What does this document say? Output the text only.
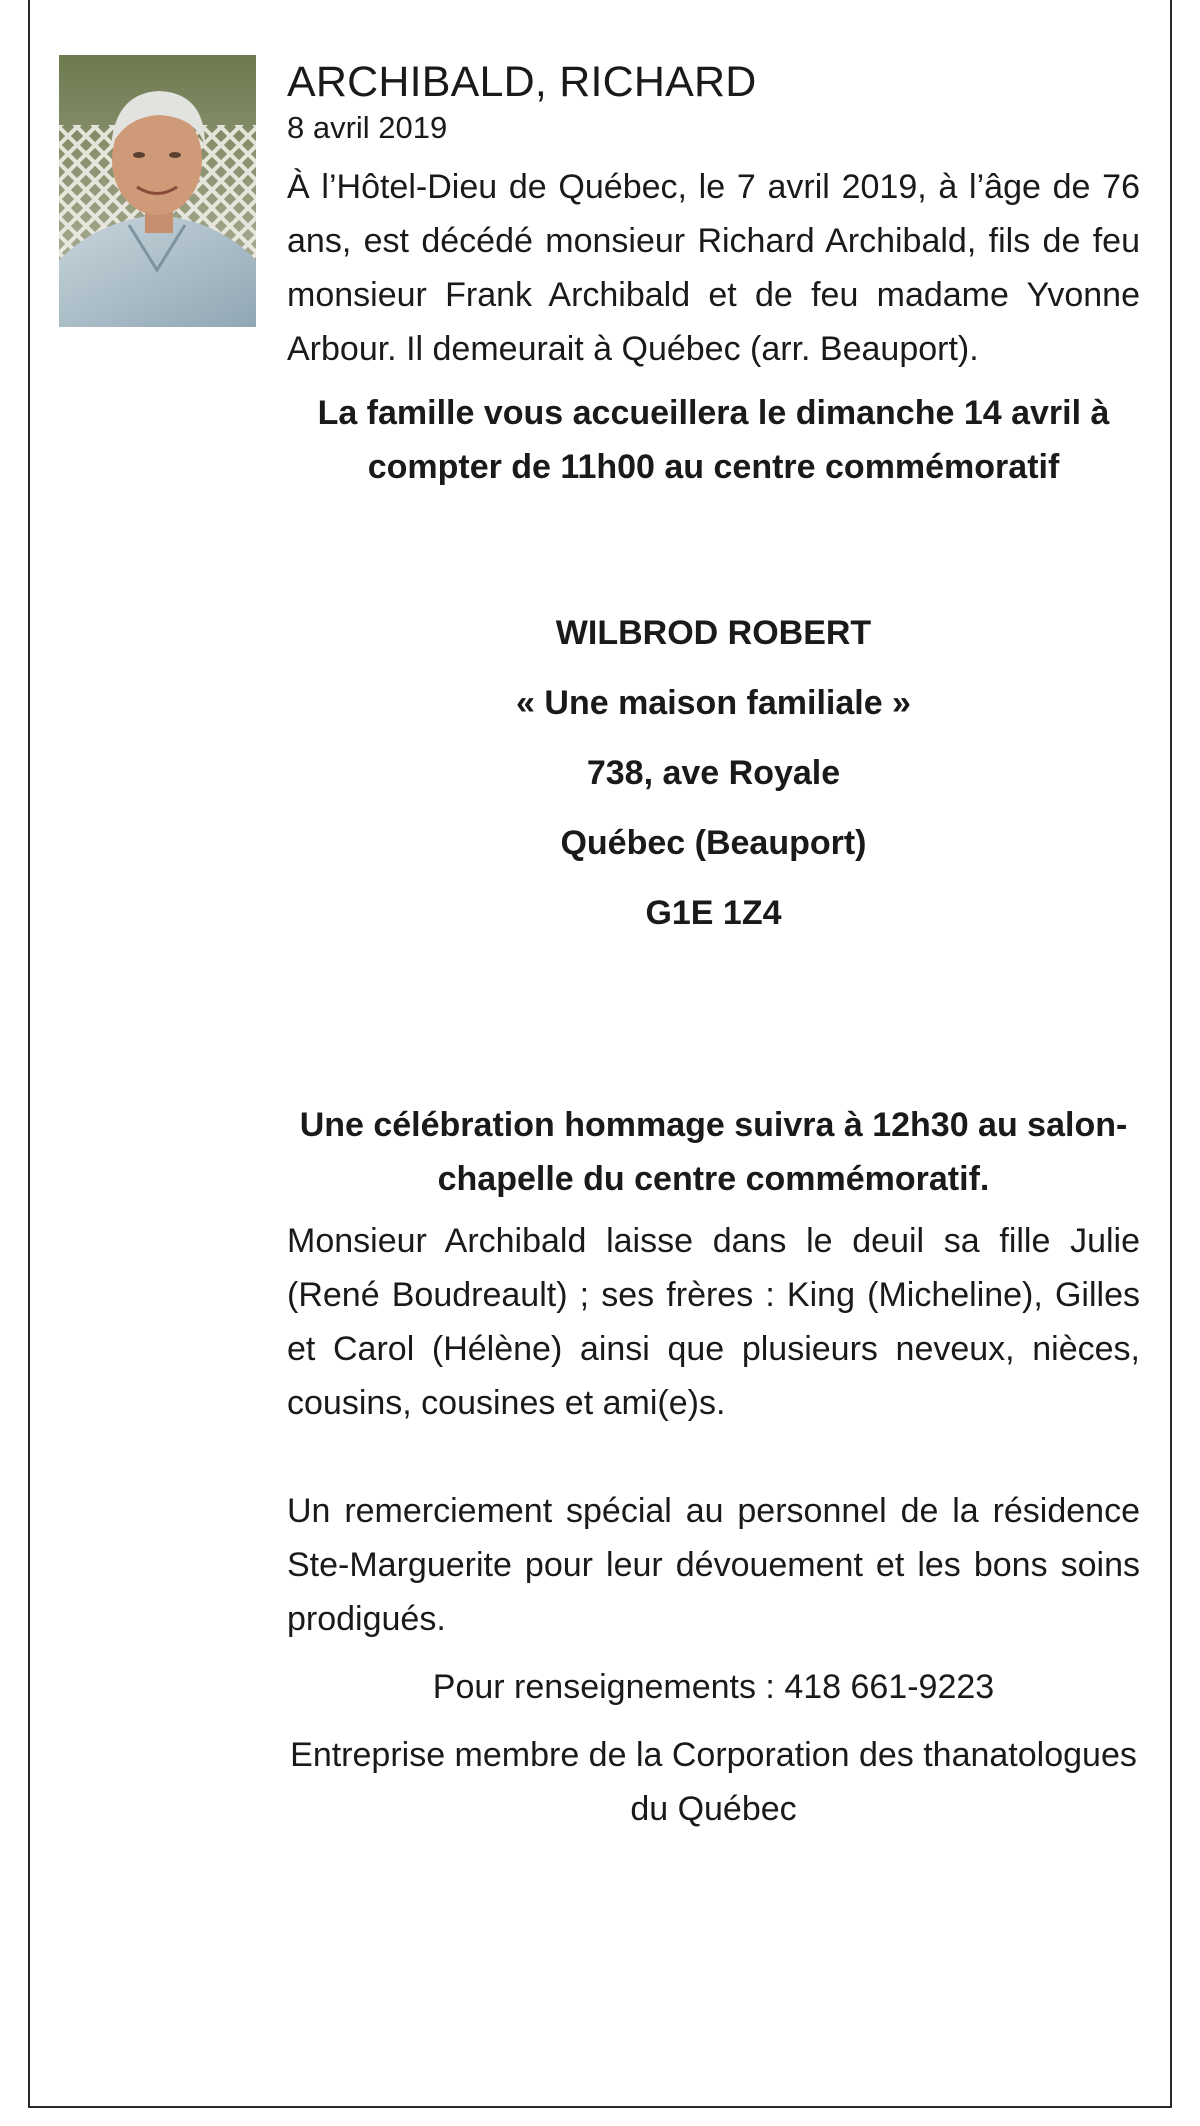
ARCHIBALD, RICHARD

8 avril 2019

À l’Hôtel-Dieu de Québec, le 7 avril 2019, à l’âge de 76 ans, est décédé monsieur Richard Archibald, fils de feu monsieur Frank Archibald et de feu madame Yvonne Arbour. Il demeurait à Québec (arr. Beauport).

La famille vous accueillera le dimanche 14 avril à compter de 11h00 au centre commémoratif

WILBROD ROBERT

« Une maison familiale »

738, ave Royale

Québec (Beauport)

G1E 1Z4

Une célébration hommage suivra à 12h30 au salon-chapelle du centre commémoratif.

Monsieur Archibald laisse dans le deuil sa fille Julie (René Boudreault) ; ses frères : King (Micheline), Gilles et Carol (Hélène) ainsi que plusieurs neveux, nièces, cousins, cousines et ami(e)s.

Un remerciement spécial au personnel de la résidence Ste-Marguerite pour leur dévouement et les bons soins prodigués.

Pour renseignements : 418 661-9223

Entreprise membre de la Corporation des thanatologues du Québec
